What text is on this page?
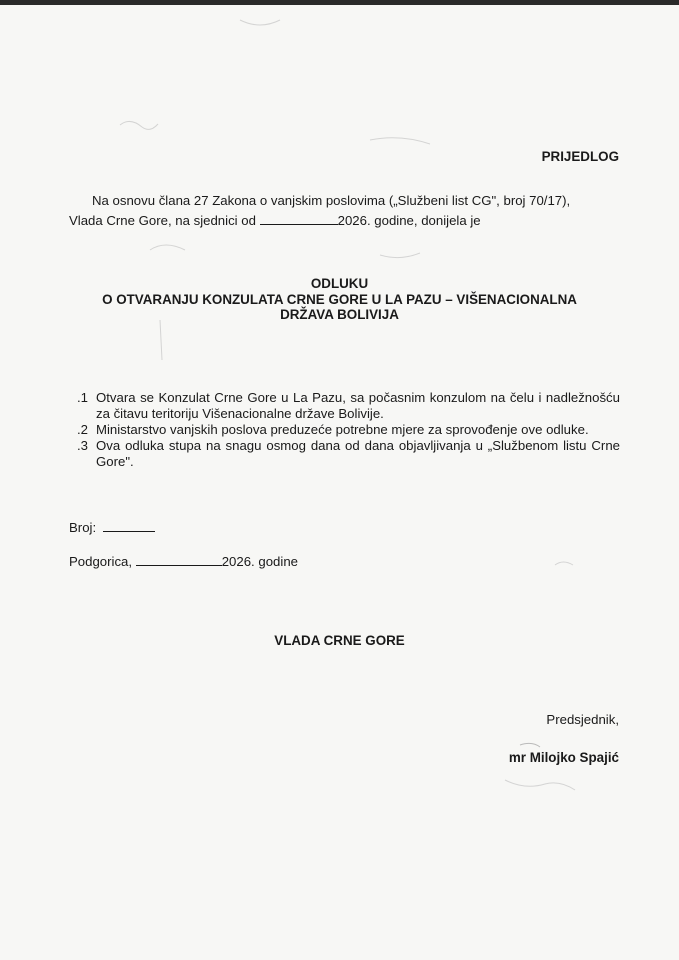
PRIJEDLOG
Na osnovu člana 27 Zakona o vanjskim poslovima („Službeni list CG", broj 70/17),
Vlada Crne Gore, na sjednici od	2026. godine, donijela je
ODLUKU
O OTVARANJU KONZULATA CRNE GORE U LA PAZU – VIŠENACIONALNA
DRŽAVA BOLIVIJA
1. Otvara se Konzulat Crne Gore u La Pazu, sa počasnim konzulom na čelu i nadležnošću za čitavu teritoriju Višenacionalne države Bolivije.
2. Ministarstvo vanjskih poslova preduzeće potrebne mjere za sprovođenje ove odluke.
3. Ova odluka stupa na snagu osmog dana od dana objavljivanja u „Službenom listu Crne Gore".
Broj:
Podgorica,	2026. godine
VLADA CRNE GORE
Predsjednik,
mr Milojko Spajić
